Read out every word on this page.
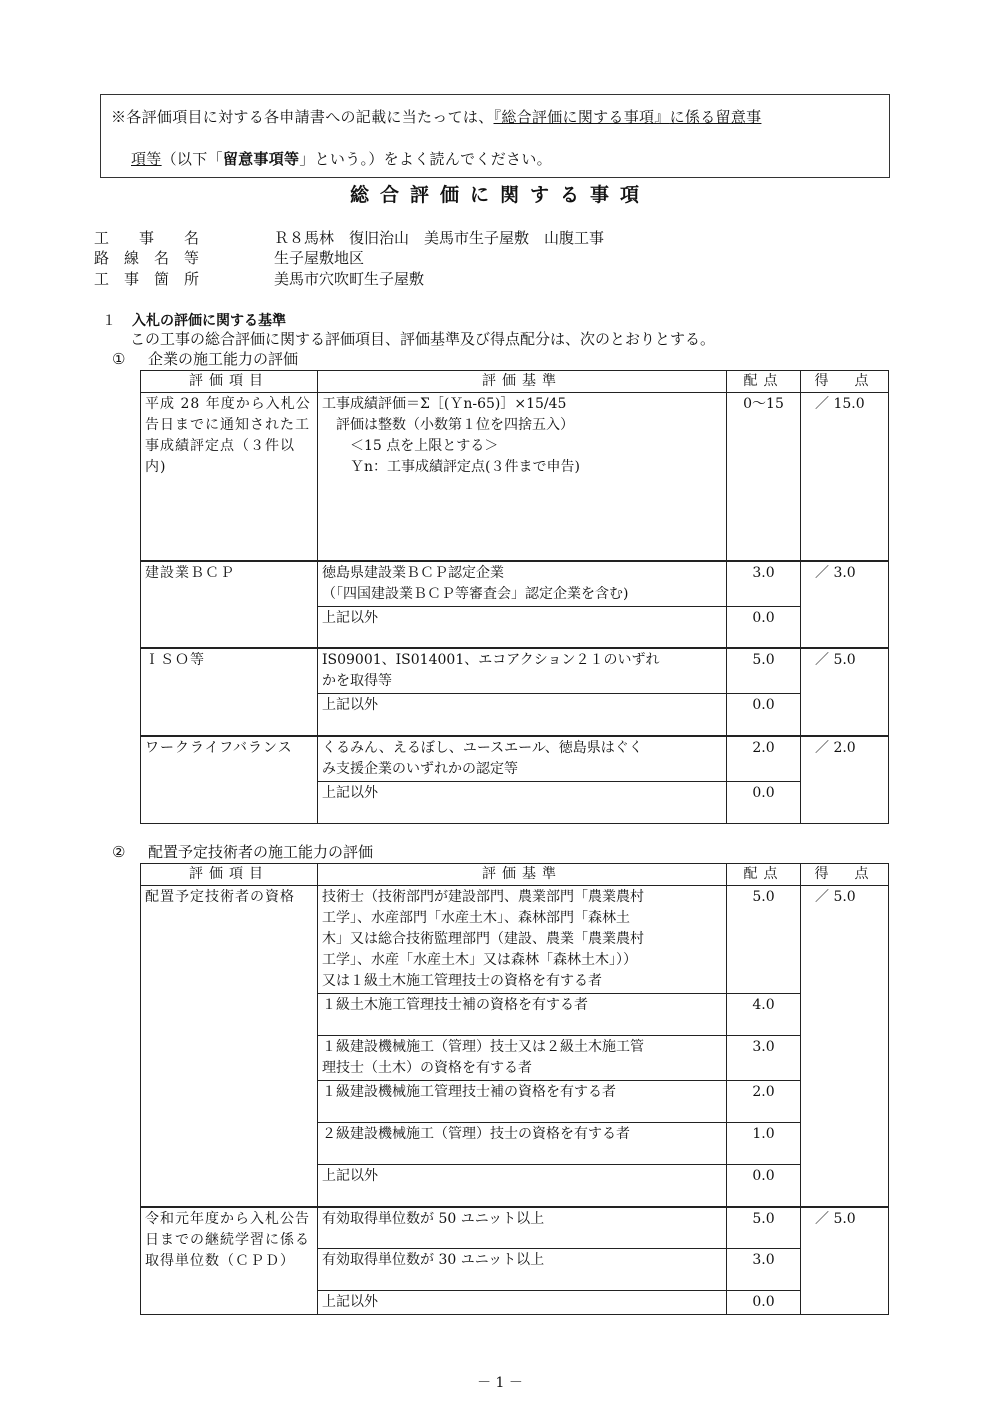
※各評価項目に対する各申請書への記載に当たっては、『総合評価に関する事項』に係る留意事
項等（以下「留意事項等」という。）をよく読んでください。
総合評価に関する事項
工　　事　　名	Ｒ８馬林　復旧治山　美馬市生子屋敷　山腹工事
路　線　名　等	生子屋敷地区
工　事　箇　所	美馬市穴吹町生子屋敷
１ 入札の評価に関する基準
この工事の総合評価に関する評価項目、評価基準及び得点配分は、次のとおりとする。
① 企業の施工能力の評価
評価項目	評価基準	配点	得　点
平成 28 年度から入札公告日までに通知された工事成績評定点（３件以内)	工事成績評価＝Σ［(Ｙn-65)］×15/45
　評価は整数（小数第１位を四捨五入）
　　＜15 点を上限とする＞
　　Ｙn：工事成績評定点(３件まで申告)	0～15	／ 15.0
建設業ＢＣＰ	徳島県建設業ＢＣＰ認定企業
（「四国建設業ＢＣＰ等審査会」認定企業を含む)	3.0	／ 3.0
	上記以外	0.0	
ＩＳＯ等	IS09001、IS014001、エコアクション２１のいずれ
かを取得等	5.0	／ 5.0
	上記以外	0.0	
ワークライフバランス	くるみん、えるぼし、ユースエール、徳島県はぐく
み支援企業のいずれかの認定等	2.0	／ 2.0
	上記以外	0.0	
② 配置予定技術者の施工能力の評価
評価項目	評価基準	配点	得　点
配置予定技術者の資格	技術士（技術部門が建設部門、農業部門「農業農村
工学」、水産部門「水産土木」、森林部門「森林土
木」又は総合技術監理部門（建設、農業「農業農村
工学」、水産「水産土木」又は森林「森林土木」））
又は１級土木施工管理技士の資格を有する者	5.0	／ 5.0

	１級土木施工管理技士補の資格を有する者	4.0	

	１級建設機械施工（管理）技士又は２級土木施工管
理技士（土木）の資格を有する者	3.0	

	１級建設機械施工管理技士補の資格を有する者	2.0	

	２級建設機械施工（管理）技士の資格を有する者	1.0	

	上記以外	0.0	
令和元年度から入札公告日までの継続学習に係る取得単位数（ＣＰＤ）	有効取得単位数が 50 ユニット以上	5.0	／ 5.0

	有効取得単位数が 30 ユニット以上	3.0	

	上記以外	0.0	
－ 1 －
